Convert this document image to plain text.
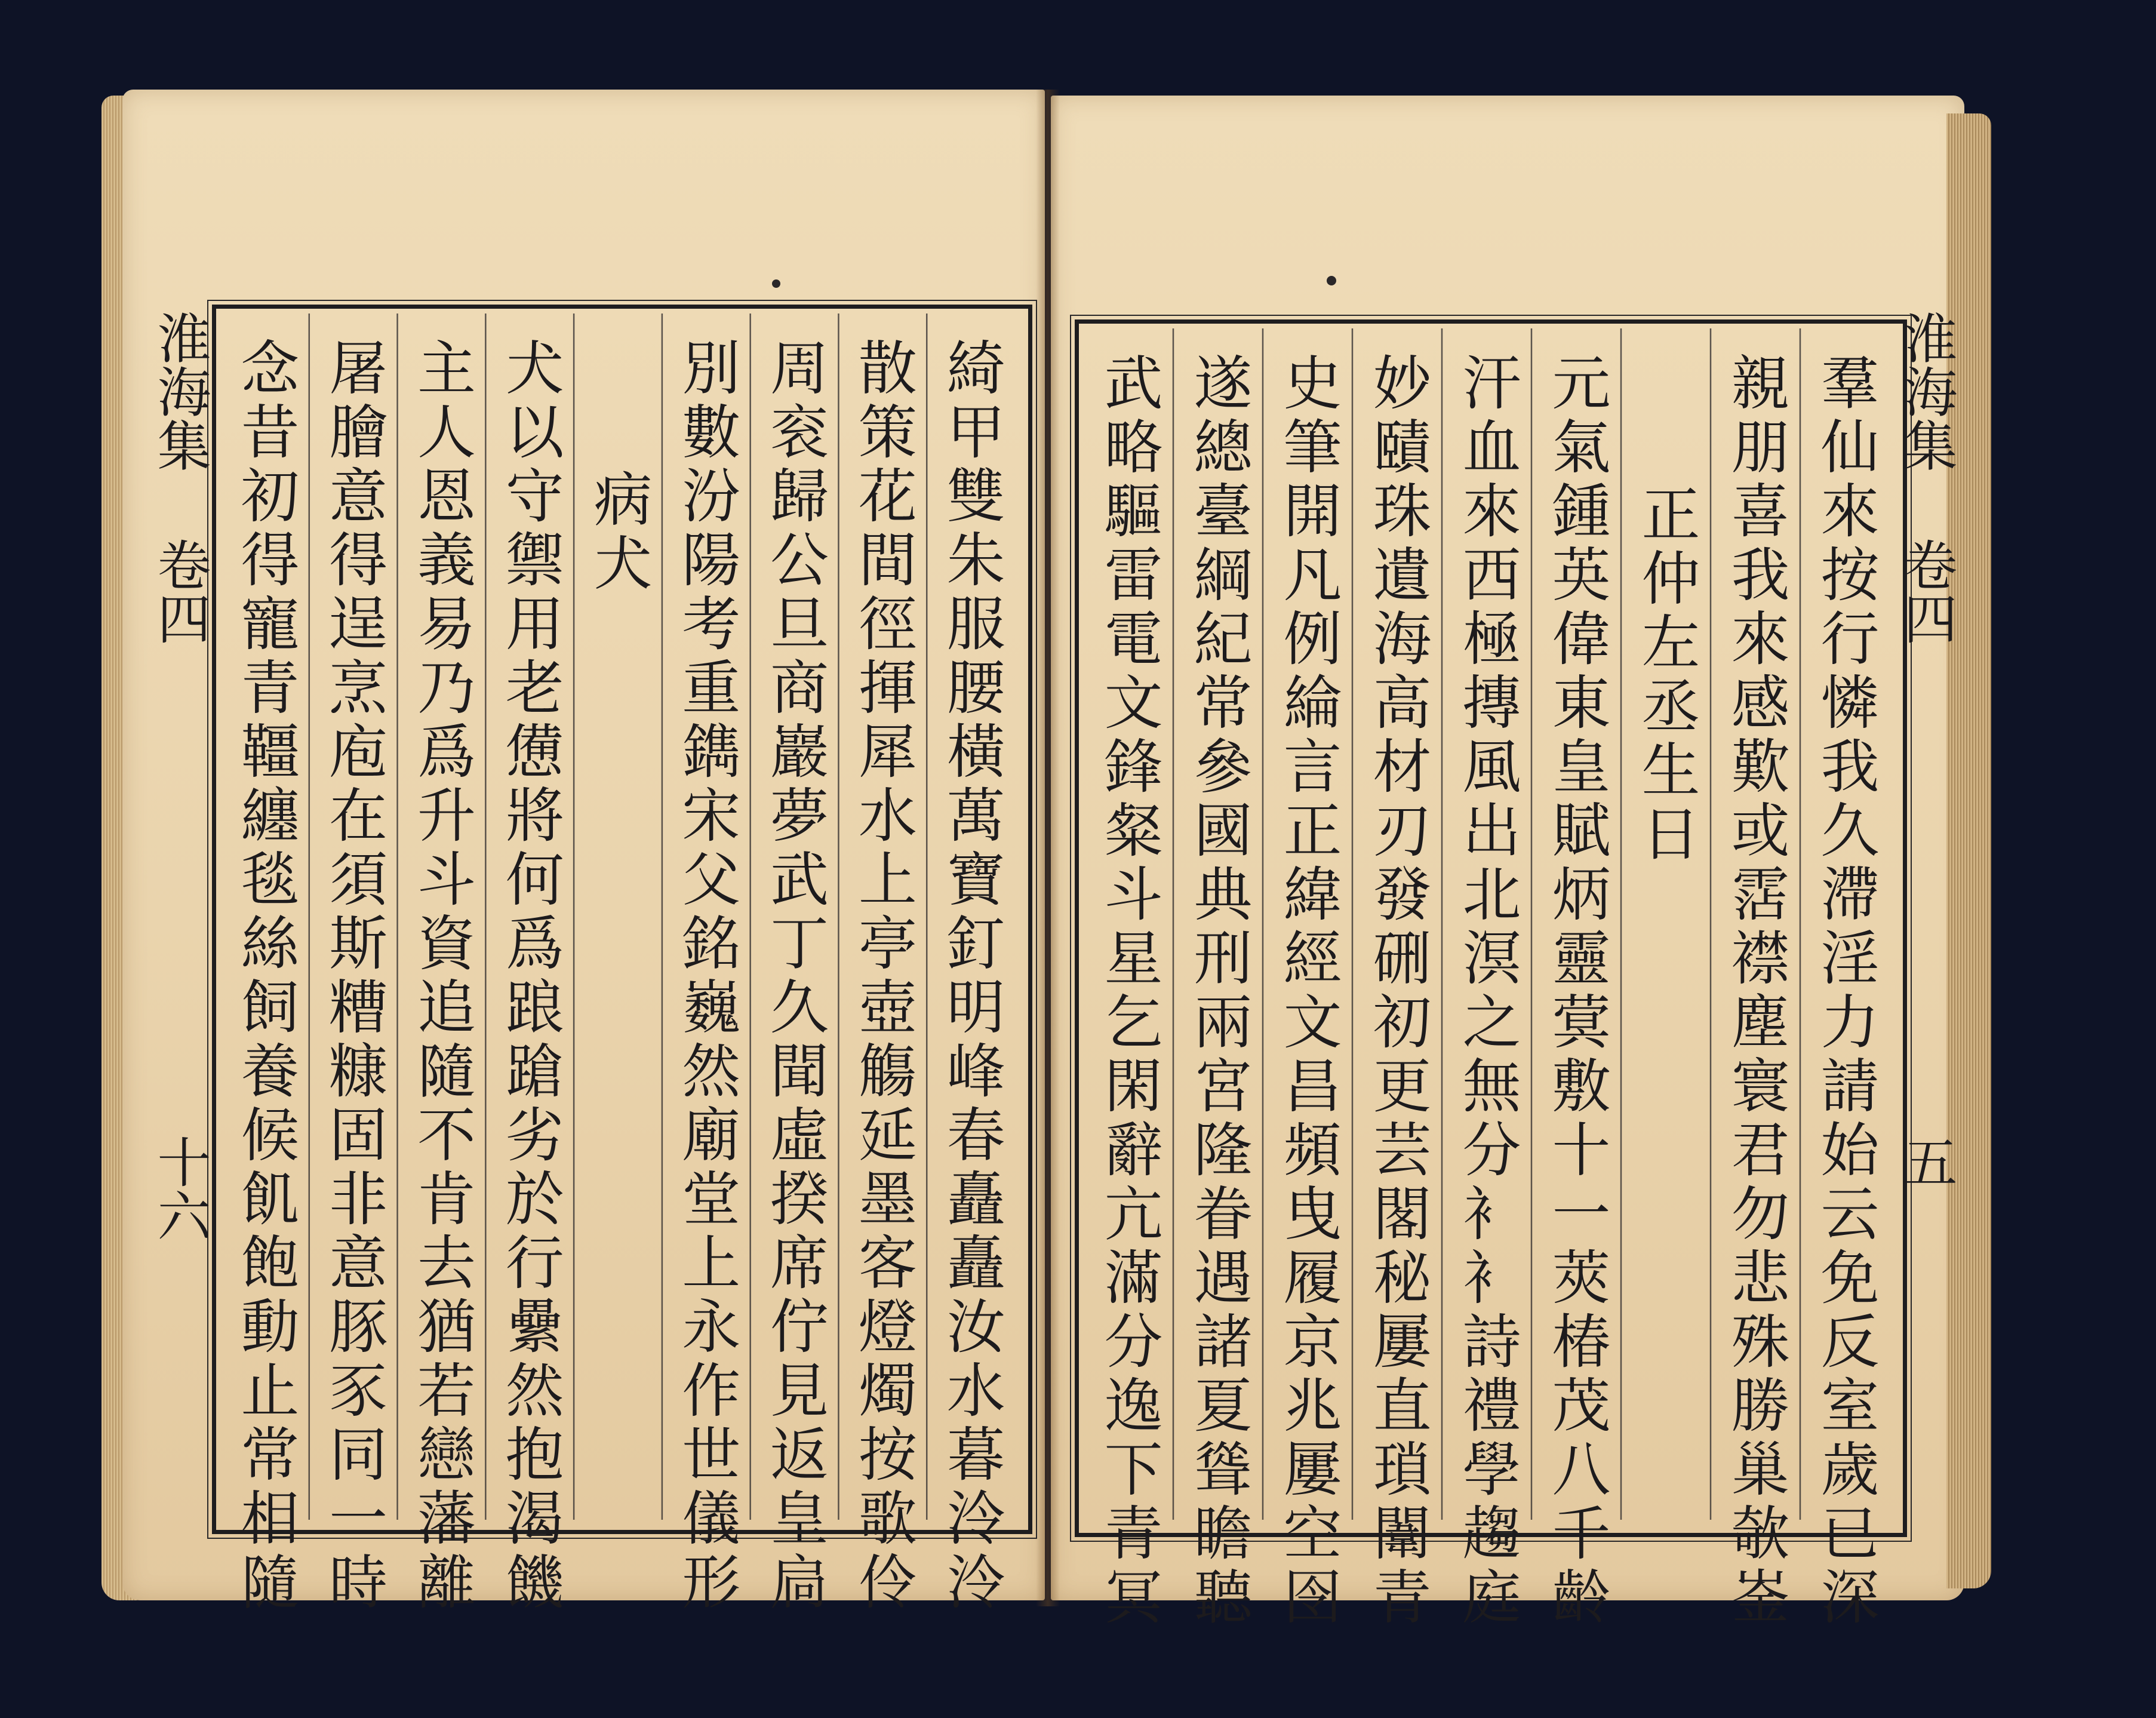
綺甲雙朱服腰橫萬寶釘明峰春矗矗汝水暮泠泠
散策花間徑揮犀水上亭壺觴延墨客燈燭按歌伶
周衮歸公旦商巖夢武丁久聞虛揆席佇見返皇扃
別數汾陽考重鐫宋父銘巍然廟堂上永作世儀形
病犬
犬以守禦用老憊將何爲踉蹌劣於行纍然抱渴饑
主人恩義易乃爲升斗資追隨不肯去猶若戀藩離
屠膾意得逞烹庖在須斯糟糠固非意豚豕同一時
念昔初得寵青韁纏毯絲飼養候飢飽動止常相隨	羣仙來按行憐我久滯淫力請始云免反室歲已深
親朋喜我來感歎或霑襟塵寰君勿悲殊勝巢欹崟
正仲左丞生日
元氣鍾英偉東皇賦炳靈蓂敷十一莢椿茂八千齡
汗血來西極摶風出北溟之無分衤衤詩禮學趨庭
妙賾珠遺海高材刃發硎初更芸閣秘屢直瑣闈青
史筆開凡例綸言正緯經文昌頻曳履京兆屢空囹
遂總臺綱紀常參國典刑兩宮隆眷遇諸夏聳瞻聽
武略驅雷電文鋒粲斗星乞閑辭亢滿分逸下青冥
淮海集
卷四
十六
淮海集
卷四
五
